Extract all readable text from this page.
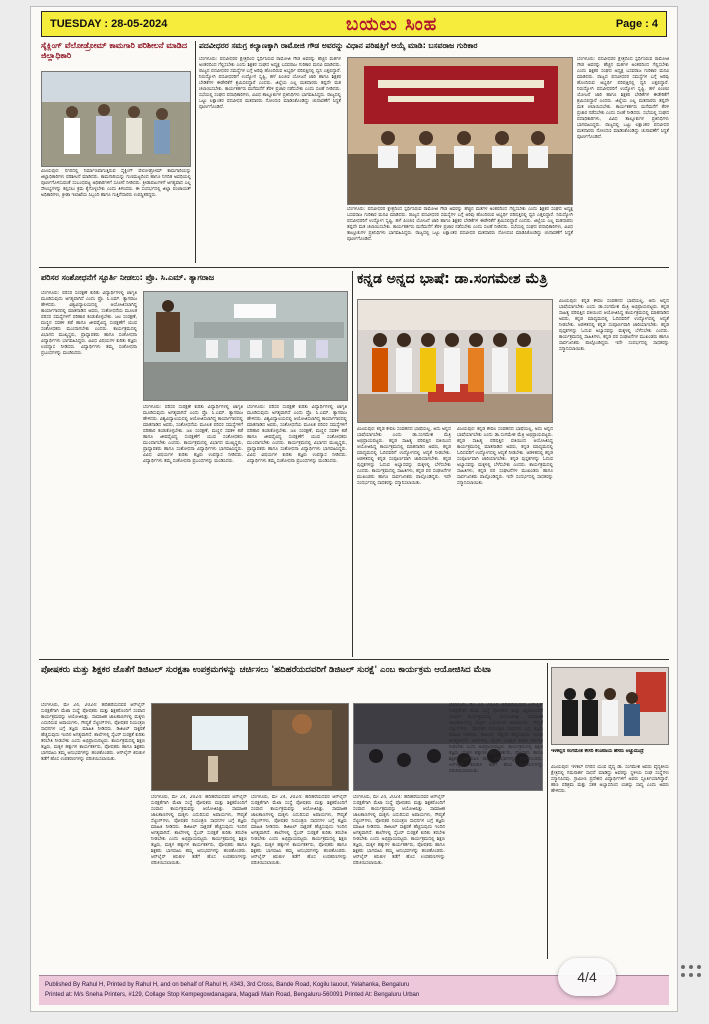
TUESDAY : 28-05-2024	ಬಯಲು ಸಿಂಹ	Page : 4
ಸೈಕ್ಲಿಂಗ್ ವೆಲೋಡ್ರೋಮ್ ಕಾಮಗಾರಿ ಪರಿಶೀಲನೆ ಮಾಡಿದ ಜಿಲ್ಲಾಧಿಕಾರಿ
ವಿಜಯಪುರ: ನಗರದಲ್ಲಿ ನಿರ್ಮಾಣವಾಗುತ್ತಿರುವ ಸೈಕ್ಲಿಂಗ್ ವೆಲೋಡ್ರೋಮ್ ಕಾಮಗಾರಿಯನ್ನು ಜಿಲ್ಲಾಧಿಕಾರಿಗಳು ಪರಿಶೀಲನೆ ಮಾಡಿದರು. ಕಾಮಗಾರಿಯನ್ನು ಗುಣಮಟ್ಟದಿಂದ ಹಾಗೂ ನಿಗದಿತ ಅವಧಿಯಲ್ಲಿ ಪೂರ್ಣಗೊಳಿಸುವಂತೆ ಸಂಬಂಧಪಟ್ಟ ಅಧಿಕಾರಿಗಳಿಗೆ ಸೂಚನೆ ನೀಡಿದರು. ಕ್ರೀಡಾಪಟುಗಳಿಗೆ ಅಗತ್ಯವಾದ ಎಲ್ಲ ಸೌಲಭ್ಯಗಳನ್ನು ಕಲ್ಪಿಸಲು ಕ್ರಮ ಕೈಗೊಳ್ಳಬೇಕು ಎಂದು ತಿಳಿಸಿದರು. ಈ ಸಂದರ್ಭದಲ್ಲಿ ಜಿಲ್ಲಾ ಪಂಚಾಯತ್ ಅಧಿಕಾರಿಗಳು, ಕ್ರೀಡಾ ಇಲಾಖೆಯ ಸಿಬ್ಬಂದಿ ಹಾಗೂ ಗುತ್ತಿಗೆದಾರರು ಉಪಸ್ಥಿತರಿದ್ದರು.
ಪದವೀಧರರ ಸಮಗ್ರ ಕಲ್ಯಾಣಕ್ಕಾಗಿ ರಾಮೋಜಿ ಗೌಡ ಅವರನ್ನು ವಿಧಾನ ಪರಿಷತ್ತಿಗೆ ಆಯ್ಕೆ ಮಾಡಿ: ಬಸವರಾಜ ಗುರಿಕಾರ
ಬೆಂಗಳೂರು: ಪದವೀಧರರ ಕ್ಷೇತ್ರದಿಂದ ಸ್ಪರ್ಧಿಸಿರುವ ರಾಮೋಜಿ ಗೌಡ ಅವರನ್ನು ಹೆಚ್ಚಿನ ಮತಗಳ ಅಂತರದಿಂದ ಗೆಲ್ಲಿಸಬೇಕು ಎಂದು ಶಿಕ್ಷಕರ ಸಂಘದ ಅಧ್ಯಕ್ಷ ಬಸವರಾಜ ಗುರಿಕಾರ ಮನವಿ ಮಾಡಿದರು. ರಾಜ್ಯದ ಪದವೀಧರರ ಸಮಸ್ಯೆಗಳ ಬಗ್ಗೆ ಅರಿವು ಹೊಂದಿರುವ ಅಭ್ಯರ್ಥಿ ಪರಿಷತ್ತಿನಲ್ಲಿ ಧ್ವನಿ ಎತ್ತಲಿದ್ದಾರೆ. ನಿರುದ್ಯೋಗಿ ಪದವೀಧರರಿಗೆ ಉದ್ಯೋಗ ಸೃಷ್ಟಿ, ಹಳೆ ಪಿಂಚಣಿ ಯೋಜನೆ ಜಾರಿ ಹಾಗೂ ಶಿಕ್ಷಕರ ಬೇಡಿಕೆಗಳ ಈಡೇರಿಕೆಗೆ ಶ್ರಮಿಸಲಿದ್ದಾರೆ ಎಂದರು. ಜಿಲ್ಲೆಯ ಎಲ್ಲ ಮತದಾರರು ತಪ್ಪದೇ ಮತ ಚಲಾಯಿಸಬೇಕು. ಕಾರ್ಯಕರ್ತರು ಮನೆಮನೆಗೆ ತೆರಳಿ ಪ್ರಚಾರ ನಡೆಸಬೇಕು ಎಂದು ಸಲಹೆ ನೀಡಿದರು. ಸಭೆಯಲ್ಲಿ ಸಂಘದ ಪದಾಧಿಕಾರಿಗಳು, ವಿವಿಧ ತಾಲ್ಲೂಕುಗಳ ಪ್ರತಿನಿಧಿಗಳು ಭಾಗವಹಿಸಿದ್ದರು. ರಾಜ್ಯದಲ್ಲಿ ಒಟ್ಟು ಲಕ್ಷಾಂತರ ಪದವೀಧರ ಮತದಾರರು ನೋಂದಣಿ ಮಾಡಿಸಿಕೊಂಡಿದ್ದು ಚುನಾವಣೆಗೆ ಸಿದ್ಧತೆ ಪೂರ್ಣಗೊಂಡಿದೆ.
ಬೆಂಗಳೂರು: ಪದವೀಧರರ ಕ್ಷೇತ್ರದಿಂದ ಸ್ಪರ್ಧಿಸಿರುವ ರಾಮೋಜಿ ಗೌಡ ಅವರನ್ನು ಹೆಚ್ಚಿನ ಮತಗಳ ಅಂತರದಿಂದ ಗೆಲ್ಲಿಸಬೇಕು ಎಂದು ಶಿಕ್ಷಕರ ಸಂಘದ ಅಧ್ಯಕ್ಷ ಬಸವರಾಜ ಗುರಿಕಾರ ಮನವಿ ಮಾಡಿದರು. ರಾಜ್ಯದ ಪದವೀಧರರ ಸಮಸ್ಯೆಗಳ ಬಗ್ಗೆ ಅರಿವು ಹೊಂದಿರುವ ಅಭ್ಯರ್ಥಿ ಪರಿಷತ್ತಿನಲ್ಲಿ ಧ್ವನಿ ಎತ್ತಲಿದ್ದಾರೆ. ನಿರುದ್ಯೋಗಿ ಪದವೀಧರರಿಗೆ ಉದ್ಯೋಗ ಸೃಷ್ಟಿ, ಹಳೆ ಪಿಂಚಣಿ ಯೋಜನೆ ಜಾರಿ ಹಾಗೂ ಶಿಕ್ಷಕರ ಬೇಡಿಕೆಗಳ ಈಡೇರಿಕೆಗೆ ಶ್ರಮಿಸಲಿದ್ದಾರೆ ಎಂದರು. ಜಿಲ್ಲೆಯ ಎಲ್ಲ ಮತದಾರರು ತಪ್ಪದೇ ಮತ ಚಲಾಯಿಸಬೇಕು. ಕಾರ್ಯಕರ್ತರು ಮನೆಮನೆಗೆ ತೆರಳಿ ಪ್ರಚಾರ ನಡೆಸಬೇಕು ಎಂದು ಸಲಹೆ ನೀಡಿದರು. ಸಭೆಯಲ್ಲಿ ಸಂಘದ ಪದಾಧಿಕಾರಿಗಳು, ವಿವಿಧ ತಾಲ್ಲೂಕುಗಳ ಪ್ರತಿನಿಧಿಗಳು ಭಾಗವಹಿಸಿದ್ದರು. ರಾಜ್ಯದಲ್ಲಿ ಒಟ್ಟು ಲಕ್ಷಾಂತರ ಪದವೀಧರ ಮತದಾರರು ನೋಂದಣಿ ಮಾಡಿಸಿಕೊಂಡಿದ್ದು ಚುನಾವಣೆಗೆ ಸಿದ್ಧತೆ ಪೂರ್ಣಗೊಂಡಿದೆ.
ಬೆಂಗಳೂರು: ಪದವೀಧರರ ಕ್ಷೇತ್ರದಿಂದ ಸ್ಪರ್ಧಿಸಿರುವ ರಾಮೋಜಿ ಗೌಡ ಅವರನ್ನು ಹೆಚ್ಚಿನ ಮತಗಳ ಅಂತರದಿಂದ ಗೆಲ್ಲಿಸಬೇಕು ಎಂದು ಶಿಕ್ಷಕರ ಸಂಘದ ಅಧ್ಯಕ್ಷ ಬಸವರಾಜ ಗುರಿಕಾರ ಮನವಿ ಮಾಡಿದರು. ರಾಜ್ಯದ ಪದವೀಧರರ ಸಮಸ್ಯೆಗಳ ಬಗ್ಗೆ ಅರಿವು ಹೊಂದಿರುವ ಅಭ್ಯರ್ಥಿ ಪರಿಷತ್ತಿನಲ್ಲಿ ಧ್ವನಿ ಎತ್ತಲಿದ್ದಾರೆ. ನಿರುದ್ಯೋಗಿ ಪದವೀಧರರಿಗೆ ಉದ್ಯೋಗ ಸೃಷ್ಟಿ, ಹಳೆ ಪಿಂಚಣಿ ಯೋಜನೆ ಜಾರಿ ಹಾಗೂ ಶಿಕ್ಷಕರ ಬೇಡಿಕೆಗಳ ಈಡೇರಿಕೆಗೆ ಶ್ರಮಿಸಲಿದ್ದಾರೆ ಎಂದರು. ಜಿಲ್ಲೆಯ ಎಲ್ಲ ಮತದಾರರು ತಪ್ಪದೇ ಮತ ಚಲಾಯಿಸಬೇಕು. ಕಾರ್ಯಕರ್ತರು ಮನೆಮನೆಗೆ ತೆರಳಿ ಪ್ರಚಾರ ನಡೆಸಬೇಕು ಎಂದು ಸಲಹೆ ನೀಡಿದರು. ಸಭೆಯಲ್ಲಿ ಸಂಘದ ಪದಾಧಿಕಾರಿಗಳು, ವಿವಿಧ ತಾಲ್ಲೂಕುಗಳ ಪ್ರತಿನಿಧಿಗಳು ಭಾಗವಹಿಸಿದ್ದರು. ರಾಜ್ಯದಲ್ಲಿ ಒಟ್ಟು ಲಕ್ಷಾಂತರ ಪದವೀಧರ ಮತದಾರರು ನೋಂದಣಿ ಮಾಡಿಸಿಕೊಂಡಿದ್ದು ಚುನಾವಣೆಗೆ ಸಿದ್ಧತೆ ಪೂರ್ಣಗೊಂಡಿದೆ.
ಪರಿಸರ ಸಂಶೋಧನೆಗೆ ಸ್ಪೂರ್ತಿ ನೀಡಲು: ಪ್ರೊ. ಸಿ.ಎಮ್. ತ್ಯಾಗರಾಜ
ಬೆಂಗಳೂರು: ಪರಿಸರ ಸಂರಕ್ಷಣೆ ಕುರಿತು ವಿದ್ಯಾರ್ಥಿಗಳಲ್ಲಿ ಜಾಗೃತಿ ಮೂಡಿಸುವುದು ಅಗತ್ಯವಾಗಿದೆ ಎಂದು ಪ್ರೊ. ಸಿ.ಎಮ್. ತ್ಯಾಗರಾಜ ಹೇಳಿದರು. ವಿಶ್ವವಿದ್ಯಾಲಯದಲ್ಲಿ ಆಯೋಜಿಸಲಾಗಿದ್ದ ಕಾರ್ಯಾಗಾರದಲ್ಲಿ ಮಾತನಾಡಿದ ಅವರು, ಸಂಶೋಧನೆಯ ಮೂಲಕ ಪರಿಸರ ಸಮಸ್ಯೆಗಳಿಗೆ ಪರಿಹಾರ ಕಂಡುಕೊಳ್ಳಬೇಕು. ಜಲ ಸಂರಕ್ಷಣೆ, ಮಣ್ಣಿನ ಸವಕಳಿ ತಡೆ ಹಾಗೂ ಜೀವವೈವಿಧ್ಯ ಸಂರಕ್ಷಣೆಗೆ ಯುವ ಸಂಶೋಧಕರು ಮುಂದಾಗಬೇಕು ಎಂದರು. ಕಾರ್ಯಕ್ರಮದಲ್ಲಿ ವಿಭಾಗದ ಮುಖ್ಯಸ್ಥರು, ಪ್ರಾಧ್ಯಾಪಕರು ಹಾಗೂ ಸಂಶೋಧನಾ ವಿದ್ಯಾರ್ಥಿಗಳು ಭಾಗವಹಿಸಿದ್ದರು. ವಿವಿಧ ವಿಷಯಗಳ ಕುರಿತು ತಜ್ಞರು ಉಪನ್ಯಾಸ ನೀಡಿದರು. ವಿದ್ಯಾರ್ಥಿಗಳು ತಮ್ಮ ಸಂಶೋಧನಾ ಪ್ರಬಂಧಗಳನ್ನು ಮಂಡಿಸಿದರು.
ಬೆಂಗಳೂರು: ಪರಿಸರ ಸಂರಕ್ಷಣೆ ಕುರಿತು ವಿದ್ಯಾರ್ಥಿಗಳಲ್ಲಿ ಜಾಗೃತಿ ಮೂಡಿಸುವುದು ಅಗತ್ಯವಾಗಿದೆ ಎಂದು ಪ್ರೊ. ಸಿ.ಎಮ್. ತ್ಯಾಗರಾಜ ಹೇಳಿದರು. ವಿಶ್ವವಿದ್ಯಾಲಯದಲ್ಲಿ ಆಯೋಜಿಸಲಾಗಿದ್ದ ಕಾರ್ಯಾಗಾರದಲ್ಲಿ ಮಾತನಾಡಿದ ಅವರು, ಸಂಶೋಧನೆಯ ಮೂಲಕ ಪರಿಸರ ಸಮಸ್ಯೆಗಳಿಗೆ ಪರಿಹಾರ ಕಂಡುಕೊಳ್ಳಬೇಕು. ಜಲ ಸಂರಕ್ಷಣೆ, ಮಣ್ಣಿನ ಸವಕಳಿ ತಡೆ ಹಾಗೂ ಜೀವವೈವಿಧ್ಯ ಸಂರಕ್ಷಣೆಗೆ ಯುವ ಸಂಶೋಧಕರು ಮುಂದಾಗಬೇಕು ಎಂದರು. ಕಾರ್ಯಕ್ರಮದಲ್ಲಿ ವಿಭಾಗದ ಮುಖ್ಯಸ್ಥರು, ಪ್ರಾಧ್ಯಾಪಕರು ಹಾಗೂ ಸಂಶೋಧನಾ ವಿದ್ಯಾರ್ಥಿಗಳು ಭಾಗವಹಿಸಿದ್ದರು. ವಿವಿಧ ವಿಷಯಗಳ ಕುರಿತು ತಜ್ಞರು ಉಪನ್ಯಾಸ ನೀಡಿದರು. ವಿದ್ಯಾರ್ಥಿಗಳು ತಮ್ಮ ಸಂಶೋಧನಾ ಪ್ರಬಂಧಗಳನ್ನು ಮಂಡಿಸಿದರು.
ಬೆಂಗಳೂರು: ಪರಿಸರ ಸಂರಕ್ಷಣೆ ಕುರಿತು ವಿದ್ಯಾರ್ಥಿಗಳಲ್ಲಿ ಜಾಗೃತಿ ಮೂಡಿಸುವುದು ಅಗತ್ಯವಾಗಿದೆ ಎಂದು ಪ್ರೊ. ಸಿ.ಎಮ್. ತ್ಯಾಗರಾಜ ಹೇಳಿದರು. ವಿಶ್ವವಿದ್ಯಾಲಯದಲ್ಲಿ ಆಯೋಜಿಸಲಾಗಿದ್ದ ಕಾರ್ಯಾಗಾರದಲ್ಲಿ ಮಾತನಾಡಿದ ಅವರು, ಸಂಶೋಧನೆಯ ಮೂಲಕ ಪರಿಸರ ಸಮಸ್ಯೆಗಳಿಗೆ ಪರಿಹಾರ ಕಂಡುಕೊಳ್ಳಬೇಕು. ಜಲ ಸಂರಕ್ಷಣೆ, ಮಣ್ಣಿನ ಸವಕಳಿ ತಡೆ ಹಾಗೂ ಜೀವವೈವಿಧ್ಯ ಸಂರಕ್ಷಣೆಗೆ ಯುವ ಸಂಶೋಧಕರು ಮುಂದಾಗಬೇಕು ಎಂದರು. ಕಾರ್ಯಕ್ರಮದಲ್ಲಿ ವಿಭಾಗದ ಮುಖ್ಯಸ್ಥರು, ಪ್ರಾಧ್ಯಾಪಕರು ಹಾಗೂ ಸಂಶೋಧನಾ ವಿದ್ಯಾರ್ಥಿಗಳು ಭಾಗವಹಿಸಿದ್ದರು. ವಿವಿಧ ವಿಷಯಗಳ ಕುರಿತು ತಜ್ಞರು ಉಪನ್ಯಾಸ ನೀಡಿದರು. ವಿದ್ಯಾರ್ಥಿಗಳು ತಮ್ಮ ಸಂಶೋಧನಾ ಪ್ರಬಂಧಗಳನ್ನು ಮಂಡಿಸಿದರು.
ಕನ್ನಡ ಅನ್ನದ ಭಾಷೆ: ಡಾ.ಸಂಗಮೇಶ ಮೆತ್ರಿ
ವಿಜಯಪುರ: ಕನ್ನಡ ಕೇವಲ ಸಂವಹನದ ಭಾಷೆಯಲ್ಲ, ಅದು ಅನ್ನದ ಭಾಷೆಯಾಗಬೇಕು ಎಂದು ಡಾ.ಸಂಗಮೇಶ ಮೆತ್ರಿ ಅಭಿಪ್ರಾಯಪಟ್ಟರು. ಕನ್ನಡ ಸಾಹಿತ್ಯ ಪರಿಷತ್ತಿನ ವತಿಯಿಂದ ಆಯೋಜಿಸಿದ್ದ ಕಾರ್ಯಕ್ರಮದಲ್ಲಿ ಮಾತನಾಡಿದ ಅವರು, ಕನ್ನಡ ಮಾಧ್ಯಮದಲ್ಲಿ ಓದಿದವರಿಗೆ ಉದ್ಯೋಗದಲ್ಲಿ ಆದ್ಯತೆ ನೀಡಬೇಕು. ಆಡಳಿತದಲ್ಲಿ ಕನ್ನಡ ಸಂಪೂರ್ಣವಾಗಿ ಜಾರಿಯಾಗಬೇಕು. ಕನ್ನಡ ಪುಸ್ತಕಗಳನ್ನು ಓದುವ ಅಭ್ಯಾಸವನ್ನು ಮಕ್ಕಳಲ್ಲಿ ಬೆಳೆಸಬೇಕು ಎಂದರು. ಕಾರ್ಯಕ್ರಮದಲ್ಲಿ ಸಾಹಿತಿಗಳು, ಕನ್ನಡ ಪರ ಸಂಘಟನೆಗಳ ಮುಖಂಡರು ಹಾಗೂ ಸಾರ್ವಜನಿಕರು ಪಾಲ್ಗೊಂಡಿದ್ದರು. ಇದೇ ಸಂದರ್ಭದಲ್ಲಿ ಸಾಧಕರನ್ನು ಸನ್ಮಾನಿಸಲಾಯಿತು.
ವಿಜಯಪುರ: ಕನ್ನಡ ಕೇವಲ ಸಂವಹನದ ಭಾಷೆಯಲ್ಲ, ಅದು ಅನ್ನದ ಭಾಷೆಯಾಗಬೇಕು ಎಂದು ಡಾ.ಸಂಗಮೇಶ ಮೆತ್ರಿ ಅಭಿಪ್ರಾಯಪಟ್ಟರು. ಕನ್ನಡ ಸಾಹಿತ್ಯ ಪರಿಷತ್ತಿನ ವತಿಯಿಂದ ಆಯೋಜಿಸಿದ್ದ ಕಾರ್ಯಕ್ರಮದಲ್ಲಿ ಮಾತನಾಡಿದ ಅವರು, ಕನ್ನಡ ಮಾಧ್ಯಮದಲ್ಲಿ ಓದಿದವರಿಗೆ ಉದ್ಯೋಗದಲ್ಲಿ ಆದ್ಯತೆ ನೀಡಬೇಕು. ಆಡಳಿತದಲ್ಲಿ ಕನ್ನಡ ಸಂಪೂರ್ಣವಾಗಿ ಜಾರಿಯಾಗಬೇಕು. ಕನ್ನಡ ಪುಸ್ತಕಗಳನ್ನು ಓದುವ ಅಭ್ಯಾಸವನ್ನು ಮಕ್ಕಳಲ್ಲಿ ಬೆಳೆಸಬೇಕು ಎಂದರು. ಕಾರ್ಯಕ್ರಮದಲ್ಲಿ ಸಾಹಿತಿಗಳು, ಕನ್ನಡ ಪರ ಸಂಘಟನೆಗಳ ಮುಖಂಡರು ಹಾಗೂ ಸಾರ್ವಜನಿಕರು ಪಾಲ್ಗೊಂಡಿದ್ದರು. ಇದೇ ಸಂದರ್ಭದಲ್ಲಿ ಸಾಧಕರನ್ನು ಸನ್ಮಾನಿಸಲಾಯಿತು.
ವಿಜಯಪುರ: ಕನ್ನಡ ಕೇವಲ ಸಂವಹನದ ಭಾಷೆಯಲ್ಲ, ಅದು ಅನ್ನದ ಭಾಷೆಯಾಗಬೇಕು ಎಂದು ಡಾ.ಸಂಗಮೇಶ ಮೆತ್ರಿ ಅಭಿಪ್ರಾಯಪಟ್ಟರು. ಕನ್ನಡ ಸಾಹಿತ್ಯ ಪರಿಷತ್ತಿನ ವತಿಯಿಂದ ಆಯೋಜಿಸಿದ್ದ ಕಾರ್ಯಕ್ರಮದಲ್ಲಿ ಮಾತನಾಡಿದ ಅವರು, ಕನ್ನಡ ಮಾಧ್ಯಮದಲ್ಲಿ ಓದಿದವರಿಗೆ ಉದ್ಯೋಗದಲ್ಲಿ ಆದ್ಯತೆ ನೀಡಬೇಕು. ಆಡಳಿತದಲ್ಲಿ ಕನ್ನಡ ಸಂಪೂರ್ಣವಾಗಿ ಜಾರಿಯಾಗಬೇಕು. ಕನ್ನಡ ಪುಸ್ತಕಗಳನ್ನು ಓದುವ ಅಭ್ಯಾಸವನ್ನು ಮಕ್ಕಳಲ್ಲಿ ಬೆಳೆಸಬೇಕು ಎಂದರು. ಕಾರ್ಯಕ್ರಮದಲ್ಲಿ ಸಾಹಿತಿಗಳು, ಕನ್ನಡ ಪರ ಸಂಘಟನೆಗಳ ಮುಖಂಡರು ಹಾಗೂ ಸಾರ್ವಜನಿಕರು ಪಾಲ್ಗೊಂಡಿದ್ದರು. ಇದೇ ಸಂದರ್ಭದಲ್ಲಿ ಸಾಧಕರನ್ನು ಸನ್ಮಾನಿಸಲಾಯಿತು.
ಪೋಷಕರು ಮತ್ತು ಶಿಕ್ಷಕರ ಜೊತೆಗೆ ಡಿಜಿಟಲ್ ಸುರಕ್ಷತಾ ಉಪಕ್ರಮಗಳನ್ನು ಚರ್ಚಿಸಲು 'ಹದಿಹರೆಯದವರಿಗೆ ಡಿಜಿಟಲ್ ಸುರಕ್ಷೆ' ಎಂಬ ಕಾರ್ಯಕ್ರಮ ಆಯೋಜಿಸಿದ ಮೆಟಾ
ಬೆಂಗಳೂರು, ಮೇ 24, 2024: ಹದಿಹರೆಯದವರ ಆನ್‌ಲೈನ್ ಸುರಕ್ಷತೆಗಾಗಿ ಮೆಟಾ ಸಂಸ್ಥೆ ಪೋಷಕರು ಮತ್ತು ಶಿಕ್ಷಕರೊಂದಿಗೆ ಸಂವಾದ ಕಾರ್ಯಕ್ರಮವನ್ನು ಆಯೋಜಿಸಿತ್ತು. ಸಾಮಾಜಿಕ ಜಾಲತಾಣಗಳಲ್ಲಿ ಮಕ್ಕಳು ಎದುರಿಸುವ ಅಪಾಯಗಳು, ಗೌಪ್ಯತೆ ಸೆಟ್ಟಿಂಗ್‌ಗಳು, ಪೋಷಕರ ನಿಯಂತ್ರಣ ಸಾಧನಗಳ ಬಗ್ಗೆ ತಜ್ಞರು ಮಾಹಿತಿ ನೀಡಿದರು. ಡಿಜಿಟಲ್ ಸಾಕ್ಷರತೆ ಹೆಚ್ಚಿಸುವುದು ಇಂದಿನ ಅಗತ್ಯವಾಗಿದೆ. ಶಾಲೆಗಳಲ್ಲಿ ಸೈಬರ್ ಸುರಕ್ಷತೆ ಕುರಿತು ತರಬೇತಿ ನೀಡಬೇಕು ಎಂದು ಅಭಿಪ್ರಾಯಪಟ್ಟರು. ಕಾರ್ಯಕ್ರಮದಲ್ಲಿ ಶಿಕ್ಷಣ ತಜ್ಞರು, ಮಕ್ಕಳ ಹಕ್ಕುಗಳ ಕಾರ್ಯಕರ್ತರು, ಪೋಷಕರು ಹಾಗೂ ಶಿಕ್ಷಕರು ಭಾಗವಹಿಸಿ ತಮ್ಮ ಅನುಭವಗಳನ್ನು ಹಂಚಿಕೊಂಡರು. ಆನ್‌ಲೈನ್ ಕಿರುಕುಳ ತಡೆಗೆ ಹೊಸ ಉಪಕರಣಗಳನ್ನು ಪರಿಚಯಿಸಲಾಯಿತು.
ಬೆಂಗಳೂರು, ಮೇ 24, 2024: ಹದಿಹರೆಯದವರ ಆನ್‌ಲೈನ್ ಸುರಕ್ಷತೆಗಾಗಿ ಮೆಟಾ ಸಂಸ್ಥೆ ಪೋಷಕರು ಮತ್ತು ಶಿಕ್ಷಕರೊಂದಿಗೆ ಸಂವಾದ ಕಾರ್ಯಕ್ರಮವನ್ನು ಆಯೋಜಿಸಿತ್ತು. ಸಾಮಾಜಿಕ ಜಾಲತಾಣಗಳಲ್ಲಿ ಮಕ್ಕಳು ಎದುರಿಸುವ ಅಪಾಯಗಳು, ಗೌಪ್ಯತೆ ಸೆಟ್ಟಿಂಗ್‌ಗಳು, ಪೋಷಕರ ನಿಯಂತ್ರಣ ಸಾಧನಗಳ ಬಗ್ಗೆ ತಜ್ಞರು ಮಾಹಿತಿ ನೀಡಿದರು. ಡಿಜಿಟಲ್ ಸಾಕ್ಷರತೆ ಹೆಚ್ಚಿಸುವುದು ಇಂದಿನ ಅಗತ್ಯವಾಗಿದೆ. ಶಾಲೆಗಳಲ್ಲಿ ಸೈಬರ್ ಸುರಕ್ಷತೆ ಕುರಿತು ತರಬೇತಿ ನೀಡಬೇಕು ಎಂದು ಅಭಿಪ್ರಾಯಪಟ್ಟರು. ಕಾರ್ಯಕ್ರಮದಲ್ಲಿ ಶಿಕ್ಷಣ ತಜ್ಞರು, ಮಕ್ಕಳ ಹಕ್ಕುಗಳ ಕಾರ್ಯಕರ್ತರು, ಪೋಷಕರು ಹಾಗೂ ಶಿಕ್ಷಕರು ಭಾಗವಹಿಸಿ ತಮ್ಮ ಅನುಭವಗಳನ್ನು ಹಂಚಿಕೊಂಡರು. ಆನ್‌ಲೈನ್ ಕಿರುಕುಳ ತಡೆಗೆ ಹೊಸ ಉಪಕರಣಗಳನ್ನು ಪರಿಚಯಿಸಲಾಯಿತು.
ಬೆಂಗಳೂರು, ಮೇ 24, 2024: ಹದಿಹರೆಯದವರ ಆನ್‌ಲೈನ್ ಸುರಕ್ಷತೆಗಾಗಿ ಮೆಟಾ ಸಂಸ್ಥೆ ಪೋಷಕರು ಮತ್ತು ಶಿಕ್ಷಕರೊಂದಿಗೆ ಸಂವಾದ ಕಾರ್ಯಕ್ರಮವನ್ನು ಆಯೋಜಿಸಿತ್ತು. ಸಾಮಾಜಿಕ ಜಾಲತಾಣಗಳಲ್ಲಿ ಮಕ್ಕಳು ಎದುರಿಸುವ ಅಪಾಯಗಳು, ಗೌಪ್ಯತೆ ಸೆಟ್ಟಿಂಗ್‌ಗಳು, ಪೋಷಕರ ನಿಯಂತ್ರಣ ಸಾಧನಗಳ ಬಗ್ಗೆ ತಜ್ಞರು ಮಾಹಿತಿ ನೀಡಿದರು. ಡಿಜಿಟಲ್ ಸಾಕ್ಷರತೆ ಹೆಚ್ಚಿಸುವುದು ಇಂದಿನ ಅಗತ್ಯವಾಗಿದೆ. ಶಾಲೆಗಳಲ್ಲಿ ಸೈಬರ್ ಸುರಕ್ಷತೆ ಕುರಿತು ತರಬೇತಿ ನೀಡಬೇಕು ಎಂದು ಅಭಿಪ್ರಾಯಪಟ್ಟರು. ಕಾರ್ಯಕ್ರಮದಲ್ಲಿ ಶಿಕ್ಷಣ ತಜ್ಞರು, ಮಕ್ಕಳ ಹಕ್ಕುಗಳ ಕಾರ್ಯಕರ್ತರು, ಪೋಷಕರು ಹಾಗೂ ಶಿಕ್ಷಕರು ಭಾಗವಹಿಸಿ ತಮ್ಮ ಅನುಭವಗಳನ್ನು ಹಂಚಿಕೊಂಡರು. ಆನ್‌ಲೈನ್ ಕಿರುಕುಳ ತಡೆಗೆ ಹೊಸ ಉಪಕರಣಗಳನ್ನು ಪರಿಚಯಿಸಲಾಯಿತು.
ಬೆಂಗಳೂರು, ಮೇ 24, 2024: ಹದಿಹರೆಯದವರ ಆನ್‌ಲೈನ್ ಸುರಕ್ಷತೆಗಾಗಿ ಮೆಟಾ ಸಂಸ್ಥೆ ಪೋಷಕರು ಮತ್ತು ಶಿಕ್ಷಕರೊಂದಿಗೆ ಸಂವಾದ ಕಾರ್ಯಕ್ರಮವನ್ನು ಆಯೋಜಿಸಿತ್ತು. ಸಾಮಾಜಿಕ ಜಾಲತಾಣಗಳಲ್ಲಿ ಮಕ್ಕಳು ಎದುರಿಸುವ ಅಪಾಯಗಳು, ಗೌಪ್ಯತೆ ಸೆಟ್ಟಿಂಗ್‌ಗಳು, ಪೋಷಕರ ನಿಯಂತ್ರಣ ಸಾಧನಗಳ ಬಗ್ಗೆ ತಜ್ಞರು ಮಾಹಿತಿ ನೀಡಿದರು. ಡಿಜಿಟಲ್ ಸಾಕ್ಷರತೆ ಹೆಚ್ಚಿಸುವುದು ಇಂದಿನ ಅಗತ್ಯವಾಗಿದೆ. ಶಾಲೆಗಳಲ್ಲಿ ಸೈಬರ್ ಸುರಕ್ಷತೆ ಕುರಿತು ತರಬೇತಿ ನೀಡಬೇಕು ಎಂದು ಅಭಿಪ್ರಾಯಪಟ್ಟರು. ಕಾರ್ಯಕ್ರಮದಲ್ಲಿ ಶಿಕ್ಷಣ ತಜ್ಞರು, ಮಕ್ಕಳ ಹಕ್ಕುಗಳ ಕಾರ್ಯಕರ್ತರು, ಪೋಷಕರು ಹಾಗೂ ಶಿಕ್ಷಕರು ಭಾಗವಹಿಸಿ ತಮ್ಮ ಅನುಭವಗಳನ್ನು ಹಂಚಿಕೊಂಡರು. ಆನ್‌ಲೈನ್ ಕಿರುಕುಳ ತಡೆಗೆ ಹೊಸ ಉಪಕರಣಗಳನ್ನು ಪರಿಚಯಿಸಲಾಯಿತು.
ಬೆಂಗಳೂರು, ಮೇ 24, 2024: ಹದಿಹರೆಯದವರ ಆನ್‌ಲೈನ್ ಸುರಕ್ಷತೆಗಾಗಿ ಮೆಟಾ ಸಂಸ್ಥೆ ಪೋಷಕರು ಮತ್ತು ಶಿಕ್ಷಕರೊಂದಿಗೆ ಸಂವಾದ ಕಾರ್ಯಕ್ರಮವನ್ನು ಆಯೋಜಿಸಿತ್ತು. ಸಾಮಾಜಿಕ ಜಾಲತಾಣಗಳಲ್ಲಿ ಮಕ್ಕಳು ಎದುರಿಸುವ ಅಪಾಯಗಳು, ಗೌಪ್ಯತೆ ಸೆಟ್ಟಿಂಗ್‌ಗಳು, ಪೋಷಕರ ನಿಯಂತ್ರಣ ಸಾಧನಗಳ ಬಗ್ಗೆ ತಜ್ಞರು ಮಾಹಿತಿ ನೀಡಿದರು. ಡಿಜಿಟಲ್ ಸಾಕ್ಷರತೆ ಹೆಚ್ಚಿಸುವುದು ಇಂದಿನ ಅಗತ್ಯವಾಗಿದೆ. ಶಾಲೆಗಳಲ್ಲಿ ಸೈಬರ್ ಸುರಕ್ಷತೆ ಕುರಿತು ತರಬೇತಿ ನೀಡಬೇಕು ಎಂದು ಅಭಿಪ್ರಾಯಪಟ್ಟರು. ಕಾರ್ಯಕ್ರಮದಲ್ಲಿ ಶಿಕ್ಷಣ ತಜ್ಞರು, ಮಕ್ಕಳ ಹಕ್ಕುಗಳ ಕಾರ್ಯಕರ್ತರು, ಪೋಷಕರು ಹಾಗೂ ಶಿಕ್ಷಕರು ಭಾಗವಹಿಸಿ ತಮ್ಮ ಅನುಭವಗಳನ್ನು ಹಂಚಿಕೊಂಡರು. ಆನ್‌ಲೈನ್ ಕಿರುಕುಳ ತಡೆಗೆ ಹೊಸ ಉಪಕರಣಗಳನ್ನು ಪರಿಚಯಿಸಲಾಯಿತು.
ಇಳಕಲ್ಲಿನ ಸಂಗಮೇಶ ಕೇಸರಿ ಕೆಂಚರಾಯ ಹೆಸರು ಅಚ್ಚುಮುದ್ರೆ
ವಿಜಯಪುರ: ಇಳಕಲ್ ನಗರದ ಯುವ ವೈದ್ಯ ಡಾ. ಸಂಗಮೇಶ ಅವರು ವೈದ್ಯಕೀಯ ಕ್ಷೇತ್ರದಲ್ಲಿ ಗಮನಾರ್ಹ ಸಾಧನೆ ಮಾಡಿದ್ದು ಅವರನ್ನು ಸ್ಥಳೀಯ ಸಂಘ ಸಂಸ್ಥೆಗಳು ಸನ್ಮಾನಿಸಿದವು. ಗ್ರಾಮೀಣ ಪ್ರದೇಶದ ವಿದ್ಯಾರ್ಥಿಗಳಿಗೆ ಅವರು ಸ್ಫೂರ್ತಿಯಾಗಿದ್ದಾರೆ. ಕಠಿಣ ಪರಿಶ್ರಮ ಮತ್ತು ಸತತ ಅಭ್ಯಾಸದಿಂದ ಯಶಸ್ಸು ಸಾಧ್ಯ ಎಂದು ಅವರು ಹೇಳಿದರು.
Published By Rahul H, Printed by Rahul H, and on behalf of Rahul H, #343, 3rd Cross, Bande Road, Kogilu lauout, Yelahanka, Bengaluru
Printed at: M/s Sneha Printers, #129, Collage Stop Kempegowdanagara, Magadi Main Road, Bengaluru-560091 Printed At: Bengaluru Urban
4/4
